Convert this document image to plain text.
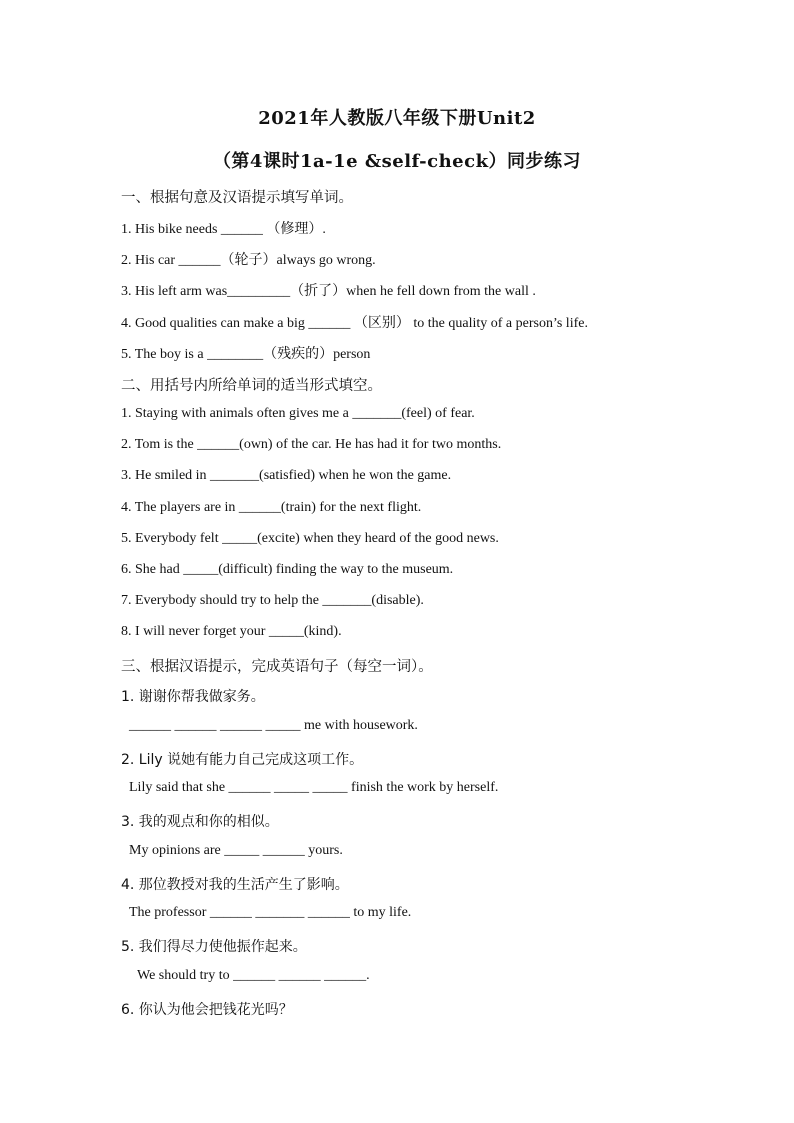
2021年人教版八年级下册Unit2
（第4课时1a-1e &self-check）同步练习
一、根据句意及汉语提示填写单词。
1. His bike needs ______ （修理）.
2. His car ______（轮子）always go wrong.
3. His left arm was_________（折了）when he fell down from the wall .
4. Good qualities can make a big ______ （区别） to the quality of a person’s life.
5. The boy is a ________（残疾的）person
二、用括号内所给单词的适当形式填空。
1. Staying with animals often gives me a _______(feel) of fear.
2. Tom is the ______(own) of the car. He has had it for two months.
3. He smiled in _______(satisfied) when he won the game.
4. The players are in ______(train) for the next flight.
5. Everybody felt _____(excite) when they heard of the good news.
6. She had _____(difficult) finding the way to the museum.
7. Everybody should try to help the _______(disable).
8. I will never forget your _____(kind).
三、根据汉语提示，完成英语句子（每空一词）。
1. 谢谢你帮我做家务。
______ ______ ______ _____ me with housework.
2. Lily 说她有能力自己完成这项工作。
Lily said that she ______ _____ _____ finish the work by herself.
3. 我的观点和你的相似。
My opinions are _____ ______ yours.
4. 那位教授对我的生活产生了影响。
The professor ______ _______ ______ to my life.
5. 我们得尽力使他振作起来。
We should try to ______ ______ ______.
6. 你认为他会把钱花光吗？
